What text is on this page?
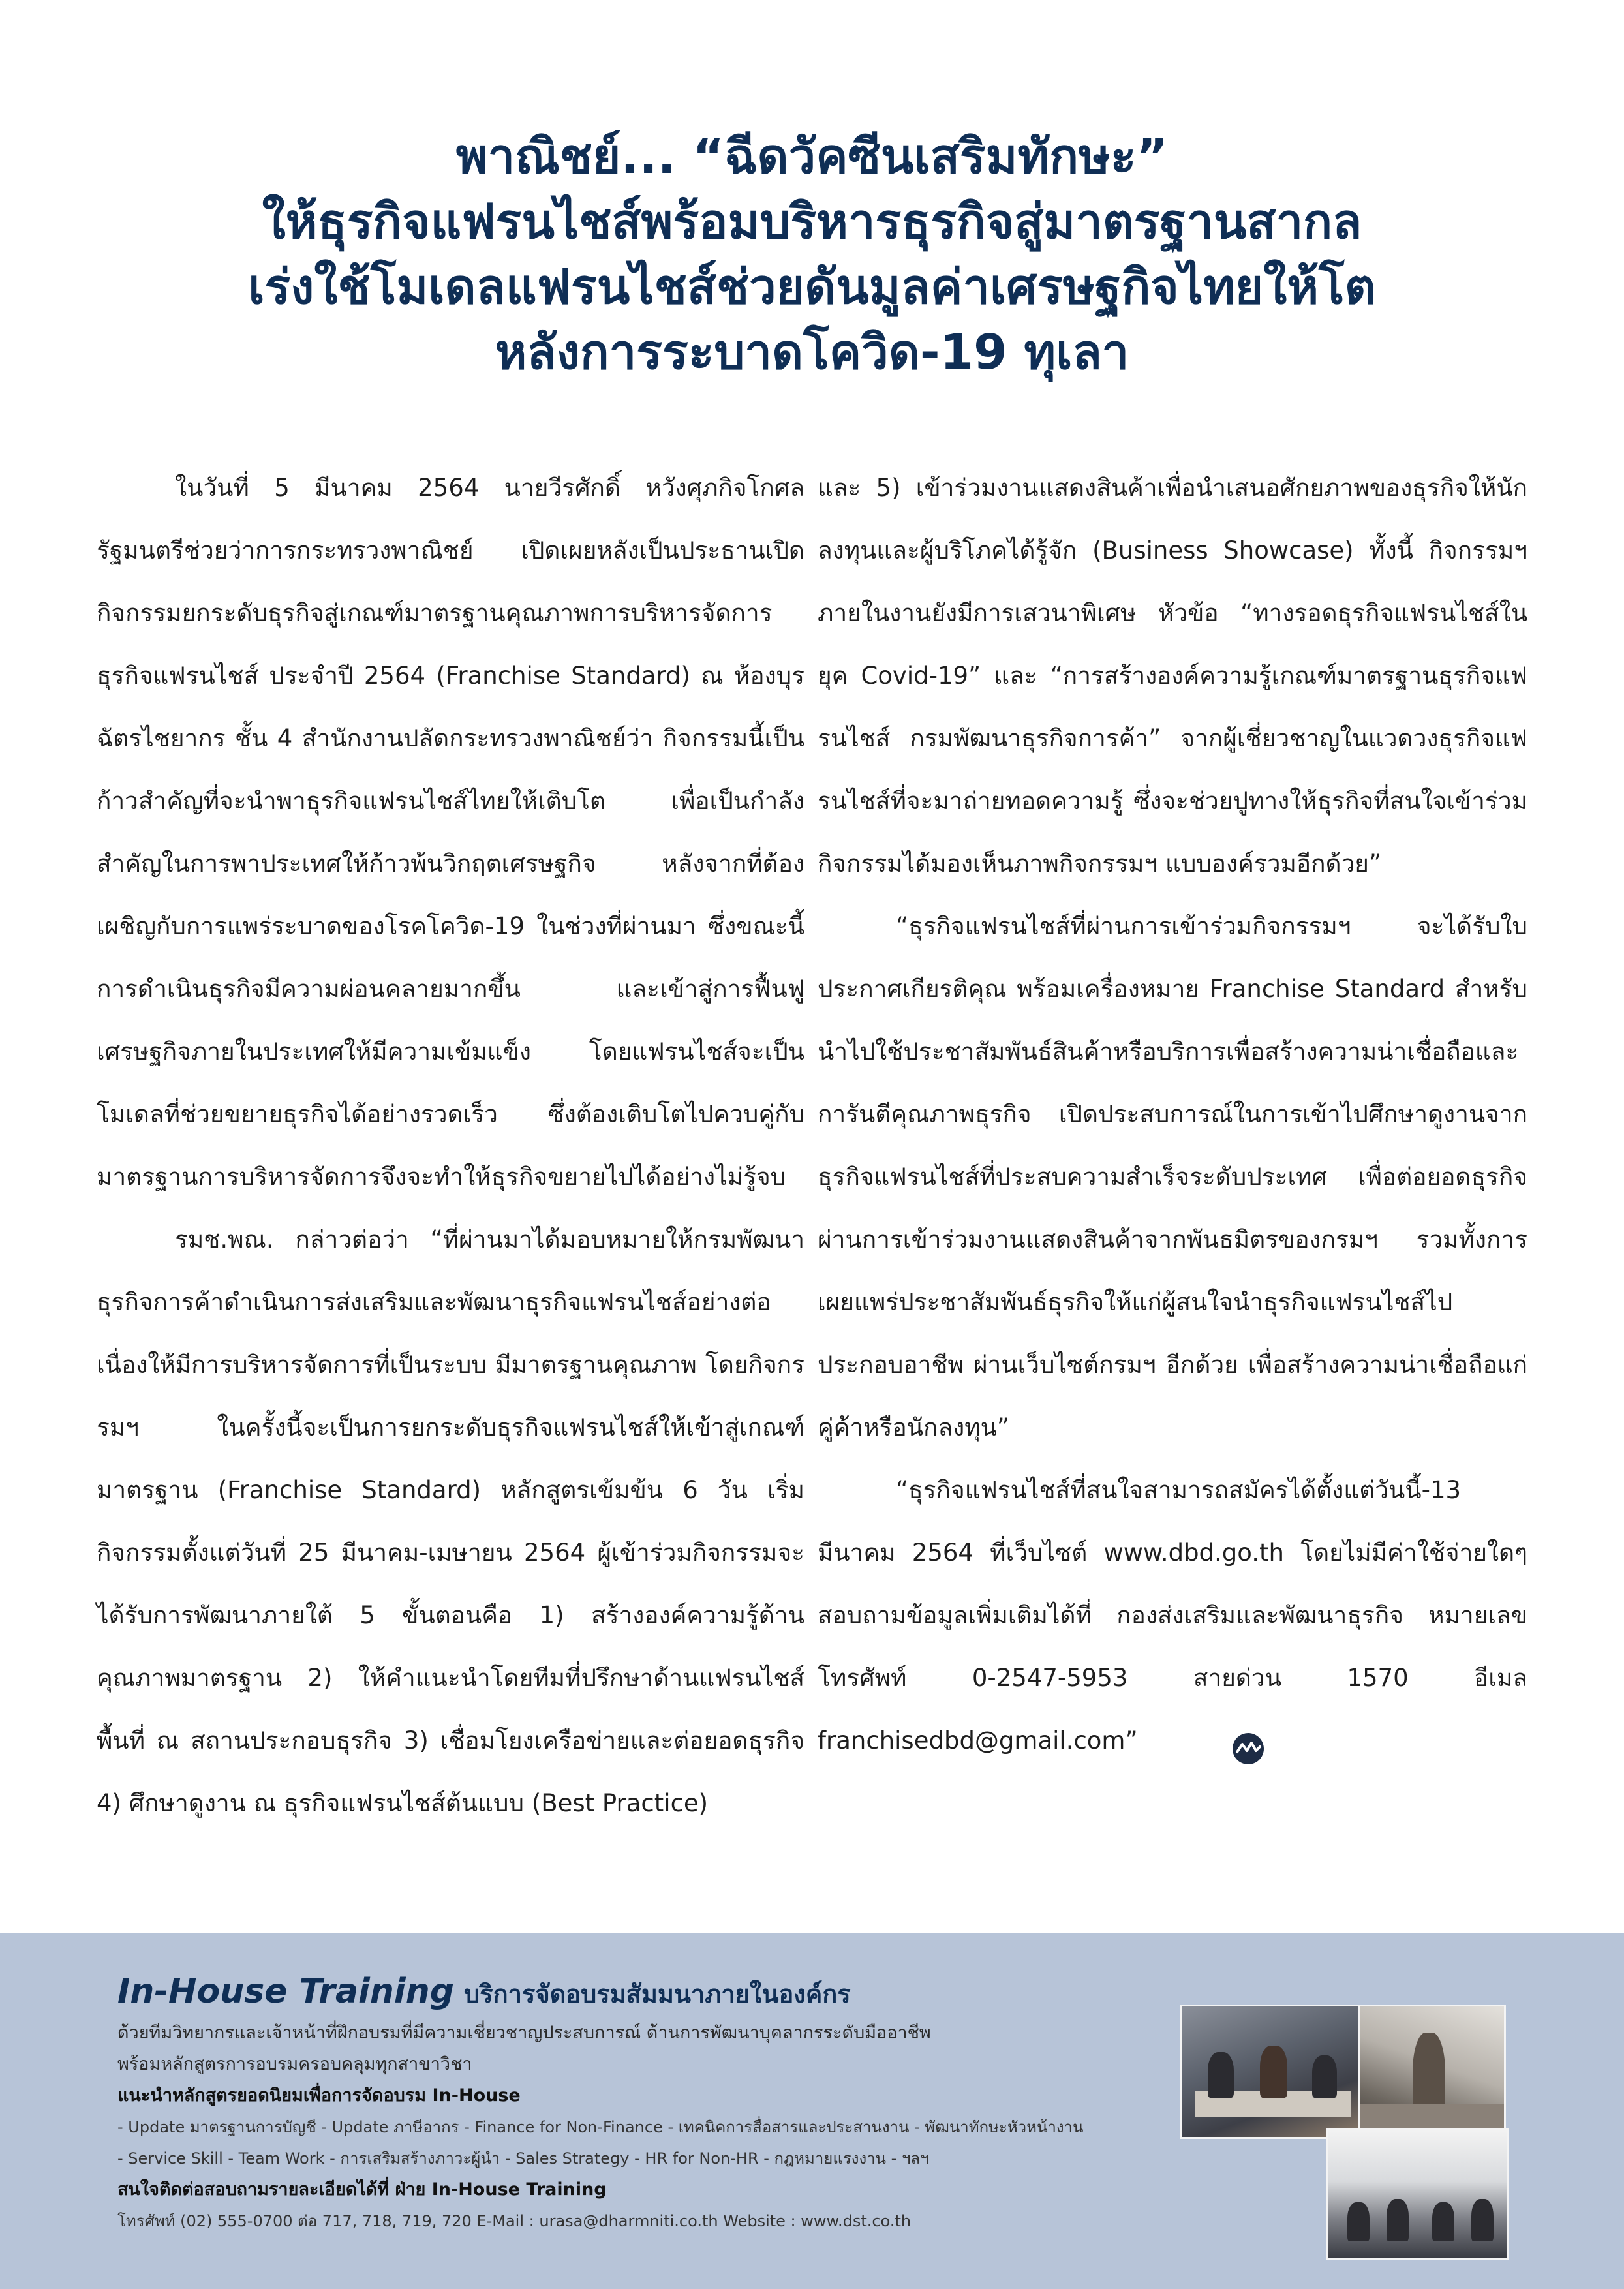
พาณิชย์... “ฉีดวัคซีนเสริมทักษะ”
ให้ธุรกิจแฟรนไชส์พร้อมบริหารธุรกิจสู่มาตรฐานสากล
เร่งใช้โมเดลแฟรนไชส์ช่วยดันมูลค่าเศรษฐกิจไทยให้โต
หลังการระบาดโควิด-19 ทุเลา

ในวันที่ 5 มีนาคม 2564 นายวีรศักดิ์ หวังศุภกิจโกศล รัฐมนตรีช่วยว่าการกระทรวงพาณิชย์ เปิดเผยหลังเป็นประธานเปิดกิจกรรมยกระดับธุรกิจสู่เกณฑ์มาตรฐานคุณภาพการบริหารจัดการธุรกิจแฟรนไชส์ ประจำปี 2564 (Franchise Standard) ณ ห้องบุรฉัตรไชยากร ชั้น 4 สำนักงานปลัดกระทรวงพาณิชย์ว่า กิจกรรมนี้เป็นก้าวสำคัญที่จะนำพาธุรกิจแฟรนไชส์ไทยให้เติบโต เพื่อเป็นกำลังสำคัญในการพาประเทศให้ก้าวพ้นวิกฤตเศรษฐกิจ หลังจากที่ต้องเผชิญกับการแพร่ระบาดของโรคโควิด-19 ในช่วงที่ผ่านมา ซึ่งขณะนี้การดำเนินธุรกิจมีความผ่อนคลายมากขึ้น และเข้าสู่การฟื้นฟูเศรษฐกิจภายในประเทศให้มีความเข้มแข็ง โดยแฟรนไชส์จะเป็นโมเดลที่ช่วยขยายธุรกิจได้อย่างรวดเร็ว ซึ่งต้องเติบโตไปควบคู่กับมาตรฐานการบริหารจัดการจึงจะทำให้ธุรกิจขยายไปได้อย่างไม่รู้จบ

รมช.พณ. กล่าวต่อว่า “ที่ผ่านมาได้มอบหมายให้กรมพัฒนาธุรกิจการค้าดำเนินการส่งเสริมและพัฒนาธุรกิจแฟรนไชส์อย่างต่อเนื่องให้มีการบริหารจัดการที่เป็นระบบ มีมาตรฐานคุณภาพ โดยกิจกรรมฯ ในครั้งนี้จะเป็นการยกระดับธุรกิจแฟรนไชส์ให้เข้าสู่เกณฑ์มาตรฐาน (Franchise Standard) หลักสูตรเข้มข้น 6 วัน เริ่มกิจกรรมตั้งแต่วันที่ 25 มีนาคม-เมษายน 2564 ผู้เข้าร่วมกิจกรรมจะได้รับการพัฒนาภายใต้ 5 ขั้นตอนคือ 1) สร้างองค์ความรู้ด้านคุณภาพมาตรฐาน 2) ให้คำแนะนำโดยทีมที่ปรึกษาด้านแฟรนไชส์พื้นที่ ณ สถานประกอบธุรกิจ 3) เชื่อมโยงเครือข่ายและต่อยอดธุรกิจ 4) ศึกษาดูงาน ณ ธุรกิจแฟรนไชส์ต้นแบบ (Best Practice)

และ 5) เข้าร่วมงานแสดงสินค้าเพื่อนำเสนอศักยภาพของธุรกิจให้นักลงทุนและผู้บริโภคได้รู้จัก (Business Showcase) ทั้งนี้ กิจกรรมฯ ภายในงานยังมีการเสวนาพิเศษ หัวข้อ “ทางรอดธุรกิจแฟรนไชส์ในยุค Covid-19” และ “การสร้างองค์ความรู้เกณฑ์มาตรฐานธุรกิจแฟรนไชส์ กรมพัฒนาธุรกิจการค้า” จากผู้เชี่ยวชาญในแวดวงธุรกิจแฟรนไชส์ที่จะมาถ่ายทอดความรู้ ซึ่งจะช่วยปูทางให้ธุรกิจที่สนใจเข้าร่วมกิจกรรมได้มองเห็นภาพกิจกรรมฯ แบบองค์รวมอีกด้วย”

“ธุรกิจแฟรนไชส์ที่ผ่านการเข้าร่วมกิจกรรมฯ จะได้รับใบประกาศเกียรติคุณ พร้อมเครื่องหมาย Franchise Standard สำหรับนำไปใช้ประชาสัมพันธ์สินค้าหรือบริการเพื่อสร้างความน่าเชื่อถือและการันตีคุณภาพธุรกิจ เปิดประสบการณ์ในการเข้าไปศึกษาดูงานจากธุรกิจแฟรนไชส์ที่ประสบความสำเร็จระดับประเทศ เพื่อต่อยอดธุรกิจผ่านการเข้าร่วมงานแสดงสินค้าจากพันธมิตรของกรมฯ รวมทั้งการเผยแพร่ประชาสัมพันธ์ธุรกิจให้แก่ผู้สนใจนำธุรกิจแฟรนไชส์ไปประกอบอาชีพ ผ่านเว็บไซต์กรมฯ อีกด้วย เพื่อสร้างความน่าเชื่อถือแก่คู่ค้าหรือนักลงทุน”

“ธุรกิจแฟรนไชส์ที่สนใจสามารถสมัครได้ตั้งแต่วันนี้-13 มีนาคม 2564 ที่เว็บไซต์ www.dbd.go.th โดยไม่มีค่าใช้จ่ายใดๆ สอบถามข้อมูลเพิ่มเติมได้ที่ กองส่งเสริมและพัฒนาธุรกิจ หมายเลขโทรศัพท์ 0-2547-5953 สายด่วน 1570 อีเมล franchisedbd@gmail.com”

In-House Training บริการจัดอบรมสัมมนาภายในองค์กร
ด้วยทีมวิทยากรและเจ้าหน้าที่ฝึกอบรมที่มีความเชี่ยวชาญประสบการณ์ ด้านการพัฒนาบุคลากรระดับมืออาชีพ
พร้อมหลักสูตรการอบรมครอบคลุมทุกสาขาวิชา
แนะนำหลักสูตรยอดนิยมเพื่อการจัดอบรม In-House
- Update มาตรฐานการบัญชี - Update ภาษีอากร - Finance for Non-Finance - เทคนิคการสื่อสารและประสานงาน - พัฒนาทักษะหัวหน้างาน
- Service Skill - Team Work - การเสริมสร้างภาวะผู้นำ - Sales Strategy - HR for Non-HR - กฎหมายแรงงาน - ฯลฯ
สนใจติดต่อสอบถามรายละเอียดได้ที่ ฝ่าย In-House Training
โทรศัพท์ (02) 555-0700 ต่อ 717, 718, 719, 720 E-Mail : urasa@dharmniti.co.th Website : www.dst.co.th
